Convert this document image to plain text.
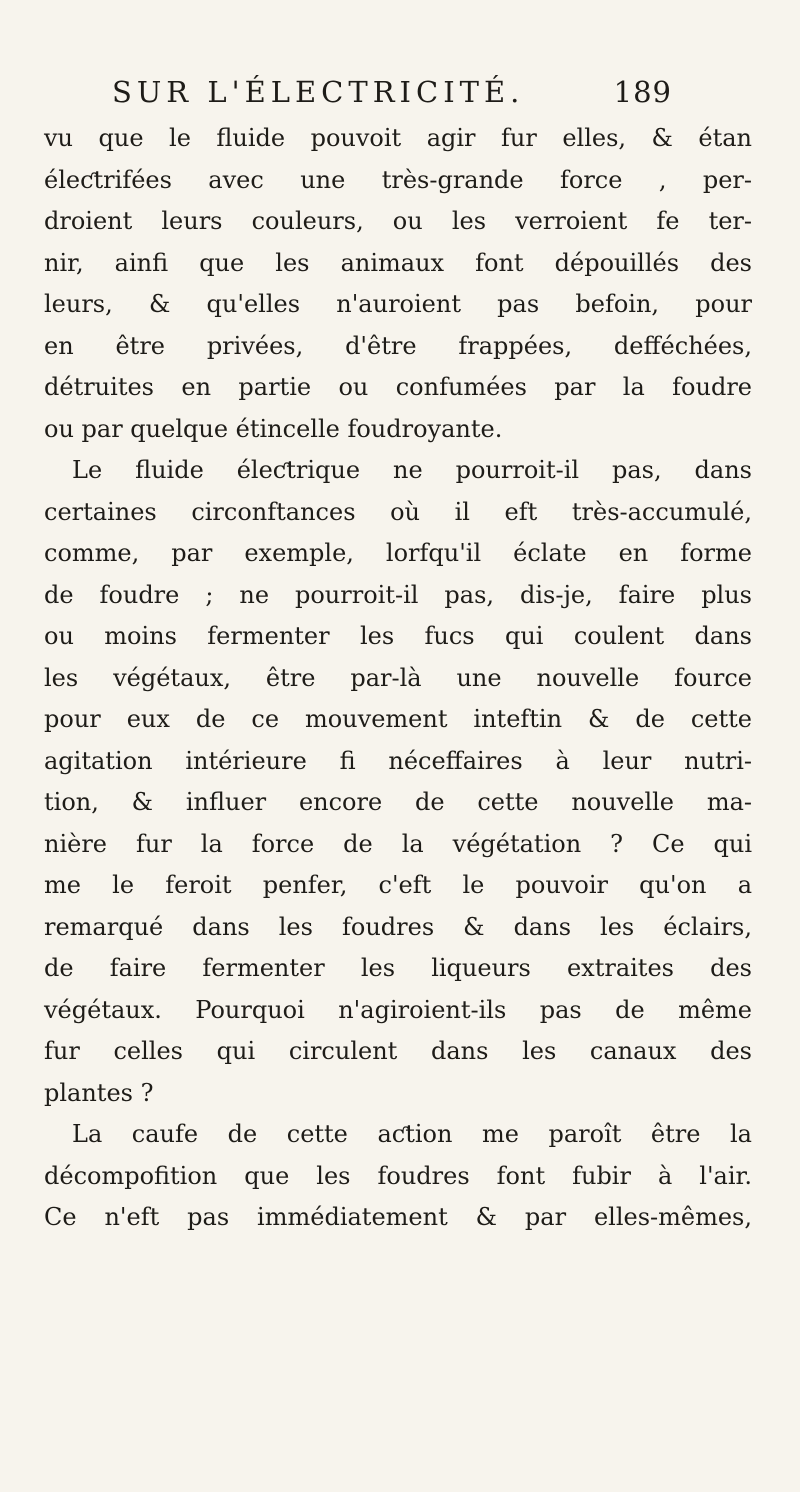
SUR L'ÉLECTRICITÉ.	189
vu que le fluide pouvoit agir fur elles, & étan
éleƈtrifées avec une très-grande force , per-
droient leurs couleurs, ou les verroient fe ter-
nir, ainfi que les animaux font dépouillés des
leurs, & qu'elles n'auroient pas befoin, pour
en être privées, d'être frappées, defféchées,
détruites en partie ou confumées par la foudre
ou par quelque étincelle foudroyante.
Le fluide éleƈtrique ne pourroit-il pas, dans
certaines circonftances où il eft très-accumulé,
comme, par exemple, lorfqu'il éclate en forme
de foudre ; ne pourroit-il pas, dis-je, faire plus
ou moins fermenter les fucs qui coulent dans
les végétaux, être par-là une nouvelle fource
pour eux de ce mouvement inteftin & de cette
agitation intérieure fi néceffaires à leur nutri-
tion, & influer encore de cette nouvelle ma-
nière fur la force de la végétation ? Ce qui
me le feroit penfer, c'eft le pouvoir qu'on a
remarqué dans les foudres & dans les éclairs,
de faire fermenter les liqueurs extraites des
végétaux. Pourquoi n'agiroient-ils pas de même
fur celles qui circulent dans les canaux des
plantes ?
La caufe de cette aƈtion me paroît être la
décompofition que les foudres font fubir à l'air.
Ce n'eft pas immédiatement & par elles-mêmes,
